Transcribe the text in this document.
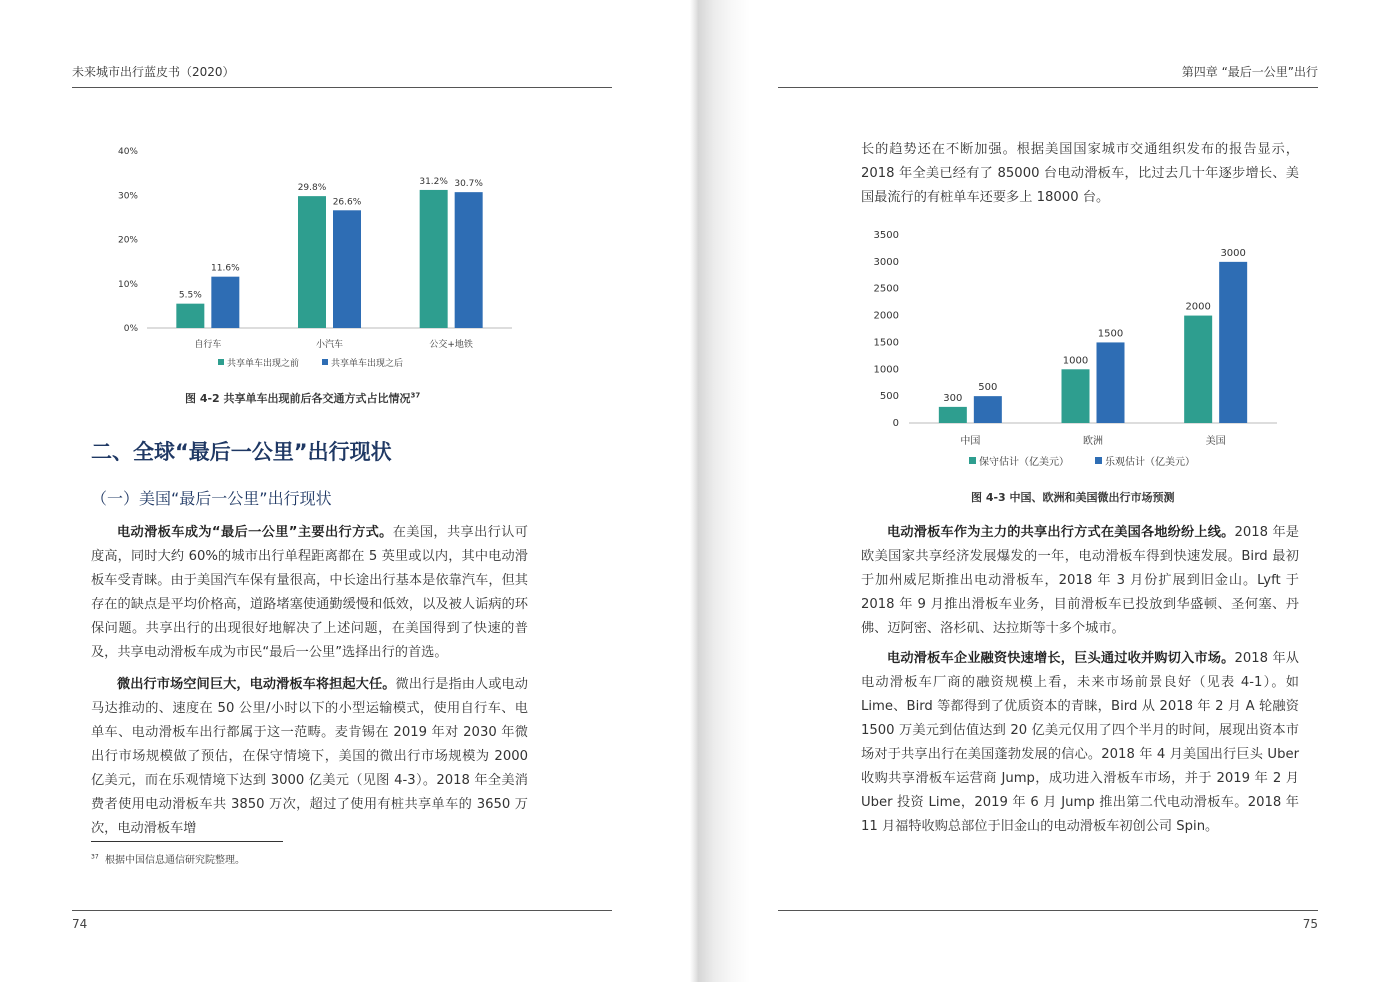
未来城市出行蓝皮书（2020）
0%
10%
20%
30%
40%
5.5%
11.6%
自行车
29.8%
26.6%
小汽车
31.2% 30.7%
公交+地铁
共享单车出现之前	共享单车出现之后
图 4-2 共享单车出现前后各交通方式占比情况$^{37}$
二、全球“最后一公里”出行现状
（一）美国“最后一公里”出行现状
电动滑板车成为“最后一公里”主要出行方式。在美国，共享出行认可度高，同时大约 60%的城市出行单程距离都在 5 英里或以内，其中电动滑板车受青睐。由于美国汽车保有量很高，中长途出行基本是依靠汽车，但其存在的缺点是平均价格高，道路堵塞使通勤缓慢和低效，以及被人诟病的环保问题。共享出行的出现很好地解决了上述问题，在美国得到了快速的普及，共享电动滑板车成为市民“最后一公里”选择出行的首选。
微出行市场空间巨大，电动滑板车将担起大任。微出行是指由人或电动马达推动的、速度在 50 公里/小时以下的小型运输模式，使用自行车、电单车、电动滑板车出行都属于这一范畴。麦肯锡在 2019 年对 2030 年微出行市场规模做了预估，在保守情境下，美国的微出行市场规模为 2000 亿美元，而在乐观情境下达到 3000 亿美元（见图 4-3）。2018 年全美消费者使用电动滑板车共 3850 万次，超过了使用有桩共享单车的 3650 万次，电动滑板车增
$^{37}$ 根据中国信息通信研究院整理。
74
第四章 “最后一公里”出行
长的趋势还在不断加强。根据美国国家城市交通组织发布的报告显示，2018 年全美已经有了 85000 台电动滑板车，比过去几十年逐步增长、美国最流行的有桩单车还要多上 18000 台。
0
500
1000
1500
2000
2500
3000
3500
300
500
中国
1000
1500
欧洲
2000
3000
美国
保守估计（亿美元）	乐观估计（亿美元）
图 4-3 中国、欧洲和美国微出行市场预测
电动滑板车作为主力的共享出行方式在美国各地纷纷上线。2018 年是欧美国家共享经济发展爆发的一年，电动滑板车得到快速发展。Bird 最初于加州威尼斯推出电动滑板车，2018 年 3 月份扩展到旧金山。Lyft 于 2018 年 9 月推出滑板车业务，目前滑板车已投放到华盛顿、圣何塞、丹佛、迈阿密、洛杉矶、达拉斯等十多个城市。
电动滑板车企业融资快速增长，巨头通过收并购切入市场。2018 年从电动滑板车厂商的融资规模上看，未来市场前景良好（见表 4-1）。如 Lime、Bird 等都得到了优质资本的青睐，Bird 从 2018 年 2 月 A 轮融资 1500 万美元到估值达到 20 亿美元仅用了四个半月的时间，展现出资本市场对于共享出行在美国蓬勃发展的信心。2018 年 4 月美国出行巨头 Uber 收购共享滑板车运营商 Jump，成功进入滑板车市场，并于 2019 年 2 月 Uber 投资 Lime，2019 年 6 月 Jump 推出第二代电动滑板车。2018 年 11 月福特收购总部位于旧金山的电动滑板车初创公司 Spin。
75
